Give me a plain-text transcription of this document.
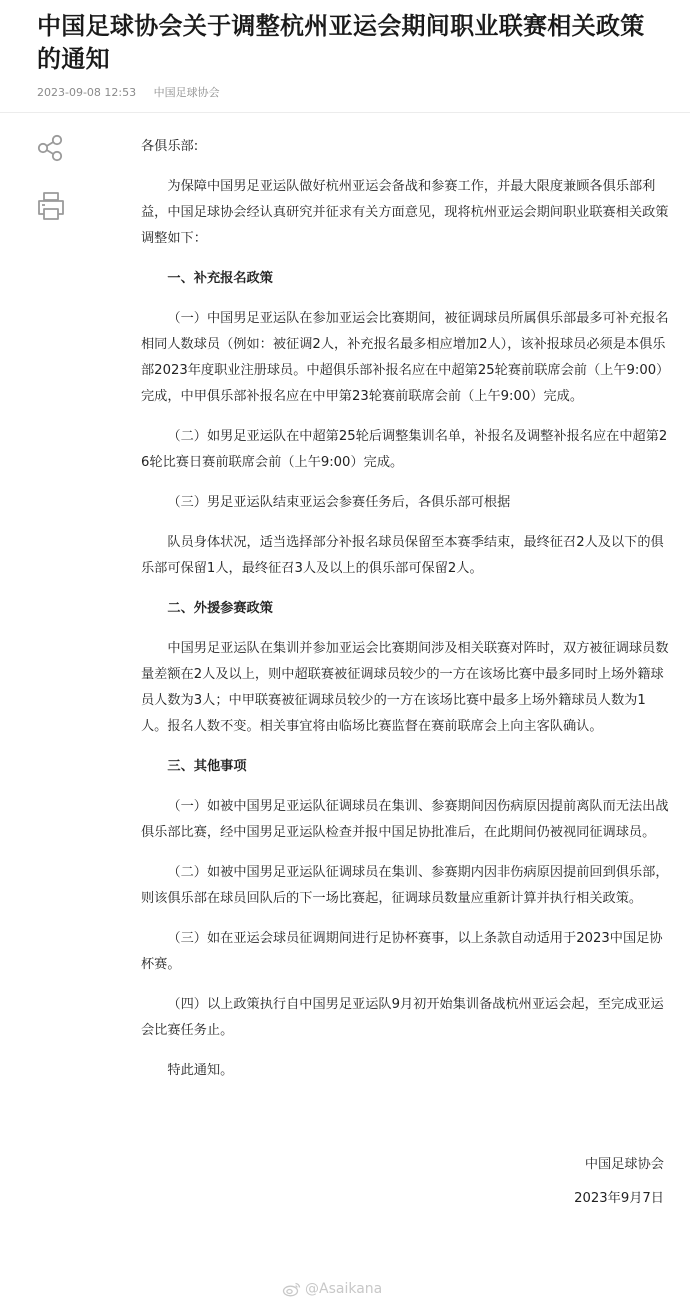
中国足球协会关于调整杭州亚运会期间职业联赛相关政策的通知
2023-09-08 12:53 中国足球协会

各俱乐部:

为保障中国男足亚运队做好杭州亚运会备战和参赛工作，并最大限度兼顾各俱乐部利益，中国足球协会经认真研究并征求有关方面意见，现将杭州亚运会期间职业联赛相关政策调整如下：

一、补充报名政策

（一）中国男足亚运队在参加亚运会比赛期间，被征调球员所属俱乐部最多可补充报名相同人数球员（例如：被征调2人，补充报名最多相应增加2人），该补报球员必须是本俱乐部2023年度职业注册球员。中超俱乐部补报名应在中超第25轮赛前联席会前（上午9:00）完成，中甲俱乐部补报名应在中甲第23轮赛前联席会前（上午9:00）完成。

（二）如男足亚运队在中超第25轮后调整集训名单，补报名及调整补报名应在中超第26轮比赛日赛前联席会前（上午9:00）完成。

（三）男足亚运队结束亚运会参赛任务后，各俱乐部可根据

队员身体状况，适当选择部分补报名球员保留至本赛季结束，最终征召2人及以下的俱乐部可保留1人，最终征召3人及以上的俱乐部可保留2人。

二、外援参赛政策

中国男足亚运队在集训并参加亚运会比赛期间涉及相关联赛对阵时，双方被征调球员数量差额在2人及以上，则中超联赛被征调球员较少的一方在该场比赛中最多同时上场外籍球员人数为3人；中甲联赛被征调球员较少的一方在该场比赛中最多上场外籍球员人数为1人。报名人数不变。相关事宜将由临场比赛监督在赛前联席会上向主客队确认。

三、其他事项

（一）如被中国男足亚运队征调球员在集训、参赛期间因伤病原因提前离队而无法出战俱乐部比赛，经中国男足亚运队检查并报中国足协批准后，在此期间仍被视同征调球员。

（二）如被中国男足亚运队征调球员在集训、参赛期内因非伤病原因提前回到俱乐部，则该俱乐部在球员回队后的下一场比赛起，征调球员数量应重新计算并执行相关政策。

（三）如在亚运会球员征调期间进行足协杯赛事，以上条款自动适用于2023中国足协杯赛。

（四）以上政策执行自中国男足亚运队9月初开始集训备战杭州亚运会起，至完成亚运会比赛任务止。

特此通知。

中国足球协会
2023年9月7日
@Asaikana
